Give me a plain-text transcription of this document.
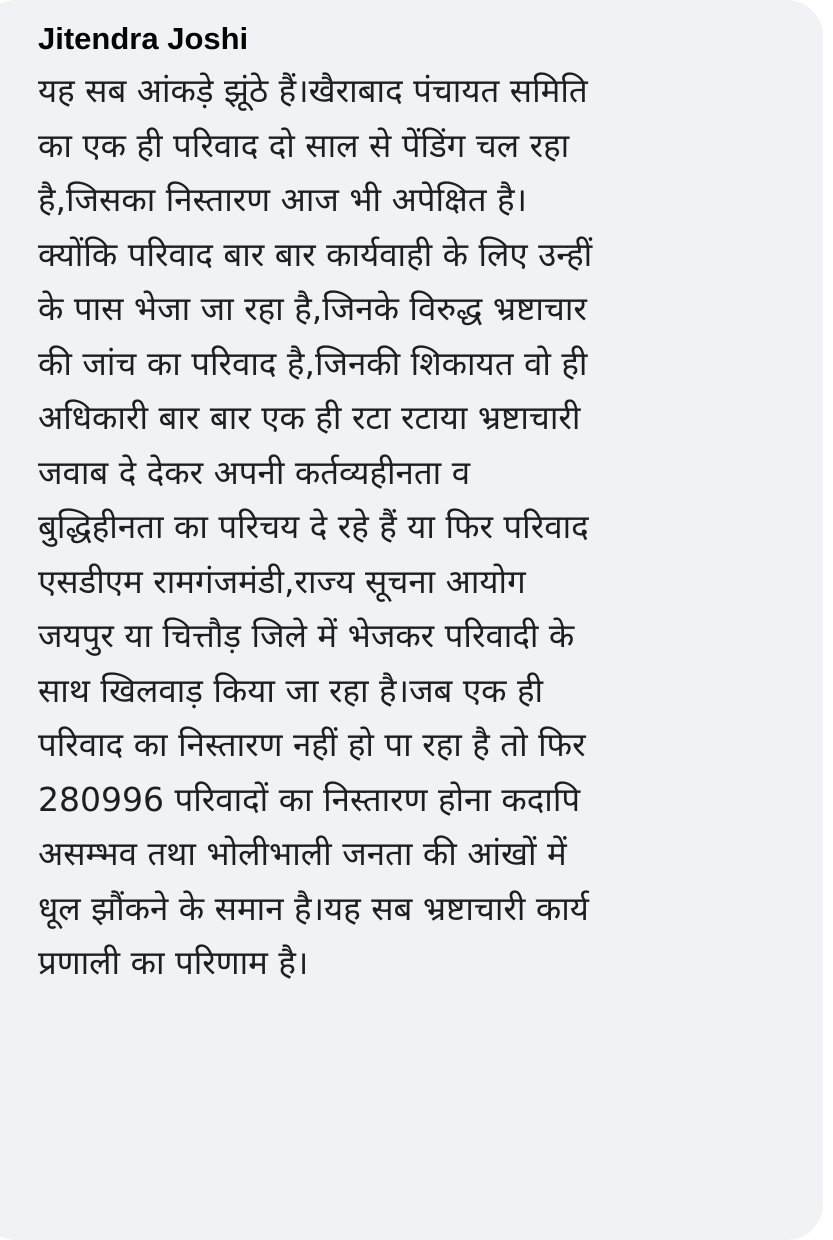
Jitendra Joshi
यह सब आंकड़े झूंठे हैं।खैराबाद पंचायत समिति
का एक ही परिवाद दो साल से पेंडिंग चल रहा
है,जिसका निस्तारण आज भी अपेक्षित है।
क्योंकि परिवाद बार बार कार्यवाही के लिए उन्हीं
के पास भेजा जा रहा है,जिनके विरुद्ध भ्रष्टाचार
की जांच का परिवाद है,जिनकी शिकायत वो ही
अधिकारी बार बार एक ही रटा रटाया भ्रष्टाचारी
जवाब दे देकर अपनी कर्तव्यहीनता व
बुद्धिहीनता का परिचय दे रहे हैं या फिर परिवाद
एसडीएम रामगंजमंडी,राज्य सूचना आयोग
जयपुर या चित्तौड़ जिले में भेजकर परिवादी के
साथ खिलवाड़ किया जा रहा है।जब एक ही
परिवाद का निस्तारण नहीं हो पा रहा है तो फिर
280996 परिवादों का निस्तारण होना कदापि
असम्भव तथा भोलीभाली जनता की आंखों में
धूल झौंकने के समान है।यह सब भ्रष्टाचारी कार्य
प्रणाली का परिणाम है।
